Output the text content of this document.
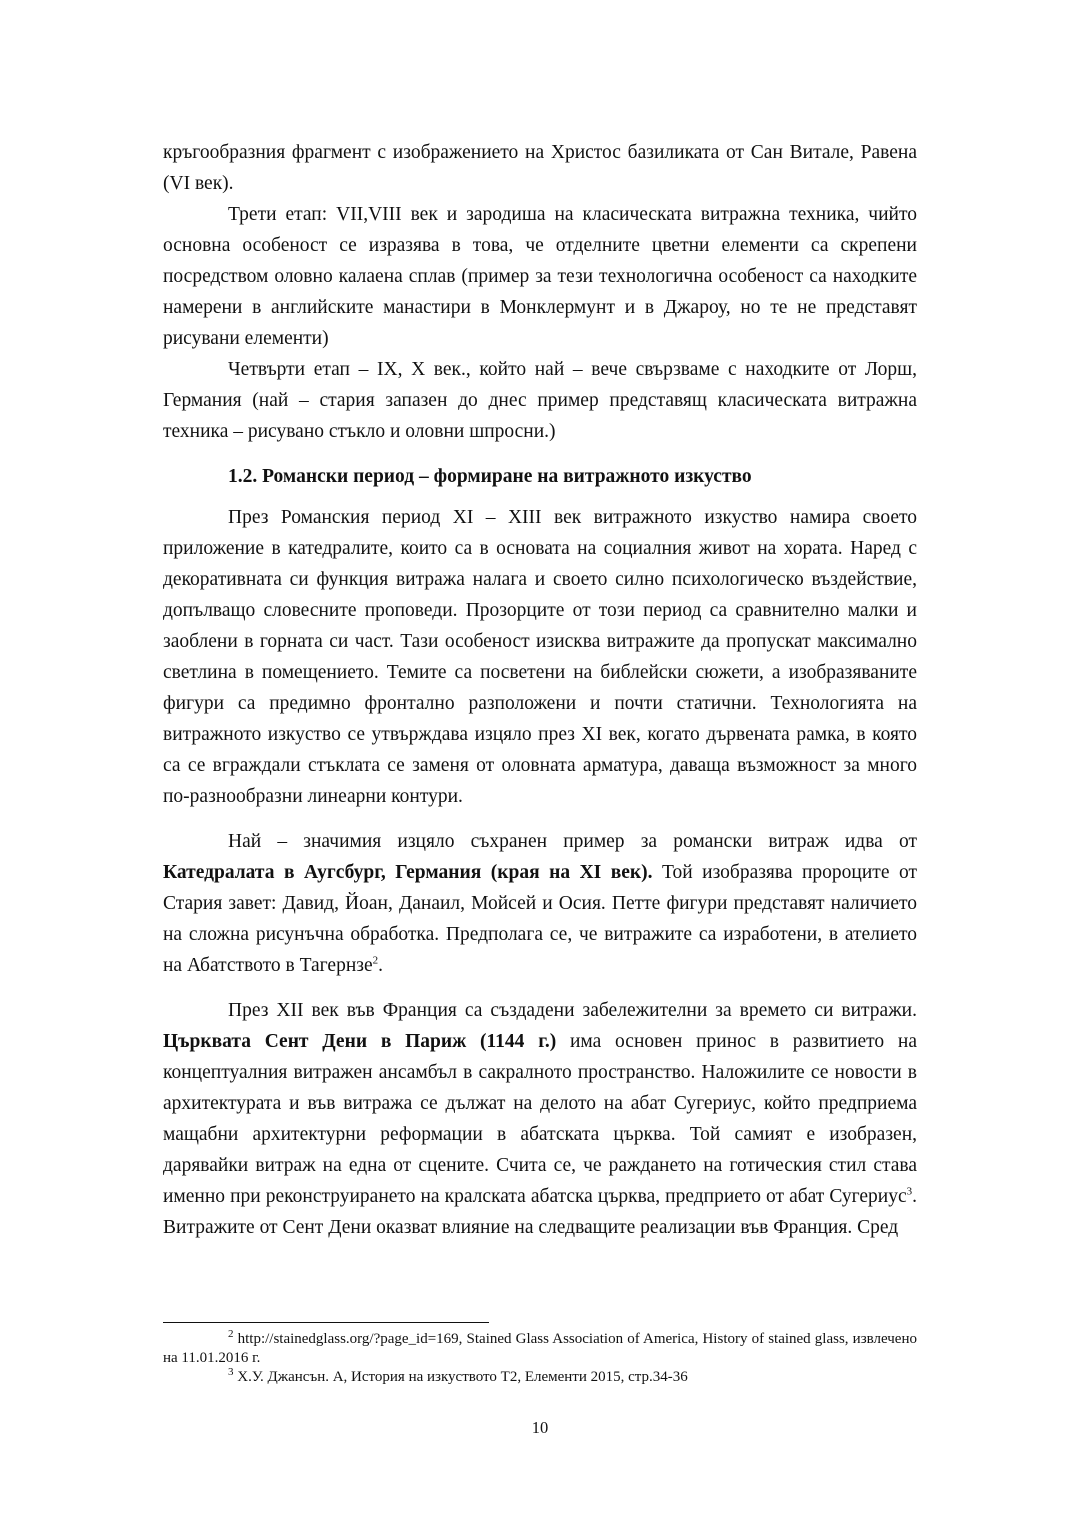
кръгообразния фрагмент с изображението на Христос базиликата от Сан Витале, Равена (VI век).

Трети етап: VII,VIII век и зародиша на класическата витражна техника, чийто основна особеност се изразява в това, че отделните цветни елементи са скрепени посредством оловно калаена сплав (пример за тези технологична особеност са находките намерени в английските манастири в Монклермунт и в Джароу, но те не представят рисувани елементи)

Четвърти етап – IX, X век., който най – вече свързваме с находките от Лорш, Германия (най – стария запазен до днес пример представящ класическата витражна техника – рисувано стъкло и оловни шпросни.)

1.2. Романски период – формиране на витражното изкуство

През Романския период XI – XIII век витражното изкуство намира своето приложение в катедралите, които са в основата на социалния живот на хората. Наред с декоративната си функция витража налага и своето силно психологическо въздействие, допълващо словесните проповеди. Прозорците от този период са сравнително малки и заоблени в горната си част. Тази особеност изисква витражите да пропускат максимално светлина в помещението. Темите са посветени на библейски сюжети, а изобразяваните фигури са предимно фронтално разположени и почти статични. Технологията на витражното изкуство се утвърждава изцяло през XI век, когато дървената рамка, в която са се вграждали стъклата се заменя от оловната арматура, даваща възможност за много по-разнообразни линеарни контури.

Най – значимия изцяло съхранен пример за романски витраж идва от Катедралата в Аугсбург, Германия (края на XI век). Той изобразява пророците от Стария завет: Давид, Йоан, Данаил, Мойсей и Осия. Петте фигури представят наличието на сложна рисунъчна обработка. Предполага се, че витражите са изработени, в ателието на Абатството в Тагернзе$^2$.

През XII век във Франция са създадени забележителни за времето си витражи. Църквата Сент Дени в Париж (1144 г.) има основен принос в развитието на концептуалния витражен ансамбъл в сакралното пространство. Наложилите се новости в архитектурата и във витража се дължат на делото на абат Сугериус, който предприема мащабни архитектурни реформации в абатската църква. Той самият е изобразен, дарявайки витраж на една от сцените. Счита се, че раждането на готическия стил става именно при реконструирането на кралската абатска църква, предприето от абат Сугериус$^3$. Витражите от Сент Дени оказват влияние на следващите реализации във Франция. Сред

$^2$ http://stainedglass.org/?page_id=169, Stained Glass Association of America, History of stained glass, извлечено на 11.01.2016 г.

$^3$ Х.У. Джансън. А, История на изкуството Т2, Елементи 2015, стр.34-36

10
